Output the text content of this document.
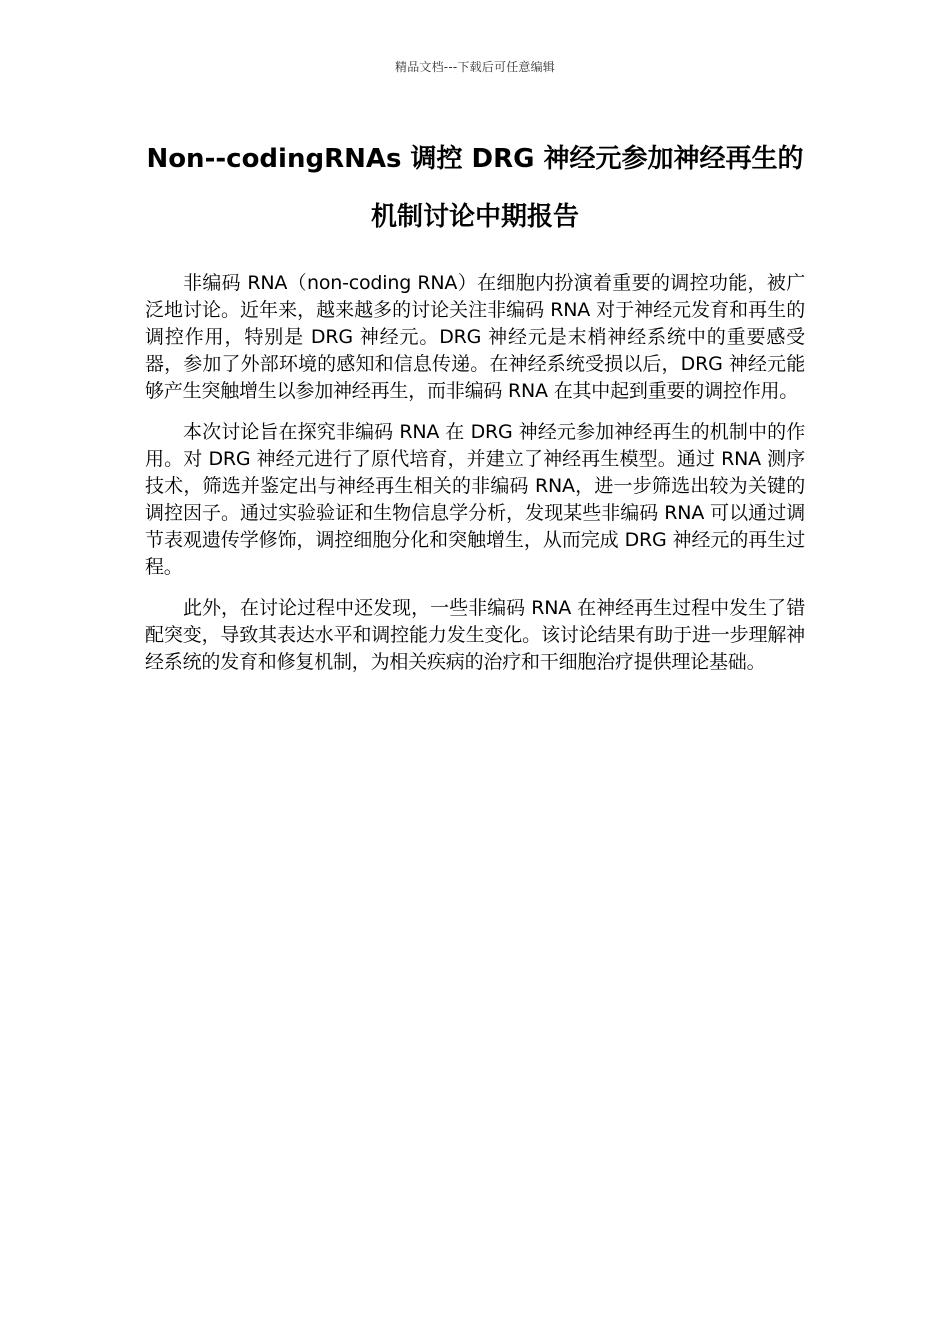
精品文档---下载后可任意编辑
Non--codingRNAs 调控 DRG 神经元参加神经再生的
机制讨论中期报告

非编码 RNA（non-coding RNA）在细胞内扮演着重要的调控功能，被广泛地讨论。近年来，越来越多的讨论关注非编码 RNA 对于神经元发育和再生的调控作用，特别是 DRG 神经元。DRG 神经元是末梢神经系统中的重要感受器，参加了外部环境的感知和信息传递。在神经系统受损以后，DRG 神经元能够产生突触增生以参加神经再生，而非编码 RNA 在其中起到重要的调控作用。

本次讨论旨在探究非编码 RNA 在 DRG 神经元参加神经再生的机制中的作用。对 DRG 神经元进行了原代培育，并建立了神经再生模型。通过 RNA 测序技术，筛选并鉴定出与神经再生相关的非编码 RNA，进一步筛选出较为关键的调控因子。通过实验验证和生物信息学分析，发现某些非编码 RNA 可以通过调节表观遗传学修饰，调控细胞分化和突触增生，从而完成 DRG 神经元的再生过程。

此外，在讨论过程中还发现，一些非编码 RNA 在神经再生过程中发生了错配突变，导致其表达水平和调控能力发生变化。该讨论结果有助于进一步理解神经系统的发育和修复机制，为相关疾病的治疗和干细胞治疗提供理论基础。
